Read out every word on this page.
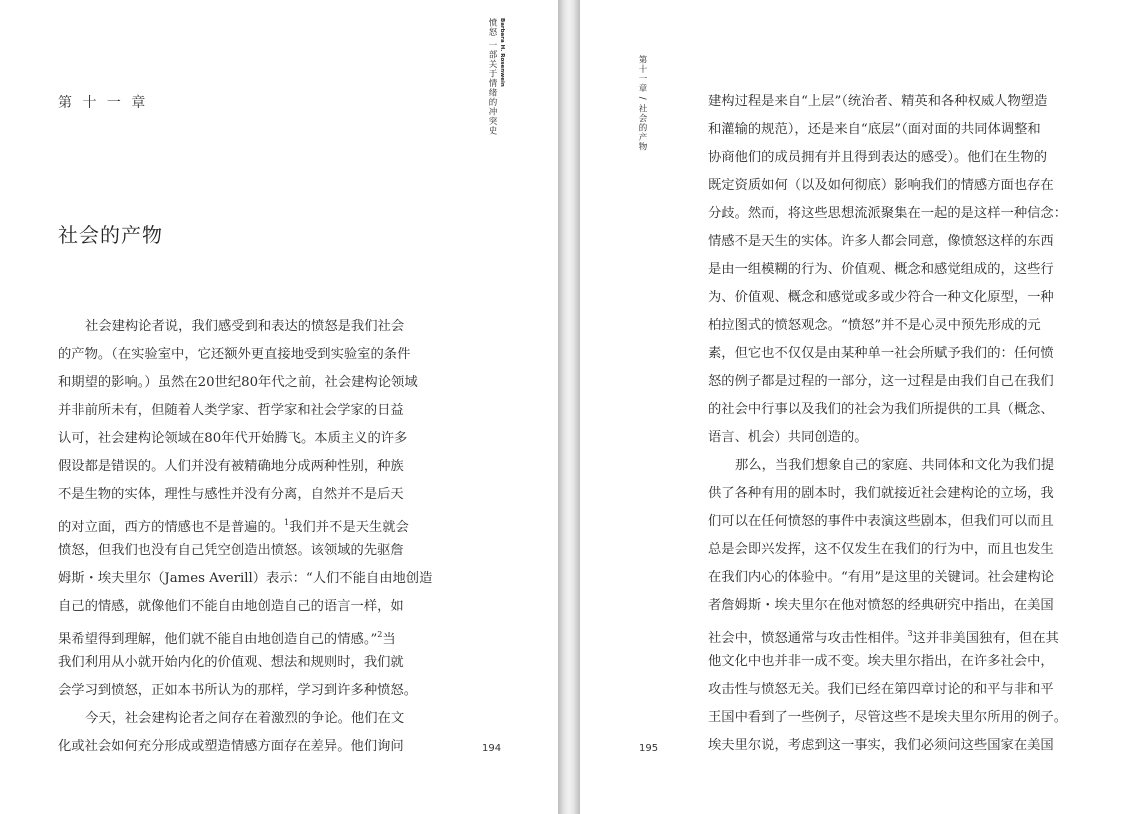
Barbara H. Rosenwein
第 十 一 章
社会的产物
社会建构论者说，我们感受到和表达的愤怒是我们社会
的产物。（在实验室中，它还额外更直接地受到实验室的条件
和期望的影响。）虽然在20世纪80年代之前，社会建构论领域
并非前所未有，但随着人类学家、哲学家和社会学家的日益
认可，社会建构论领域在80年代开始腾飞。本质主义的许多
假设都是错误的。人们并没有被精确地分成两种性别，种族
不是生物的实体，理性与感性并没有分离，自然并不是后天
的对立面，西方的情感也不是普遍的。$^1$我们并不是天生就会
愤怒，但我们也没有自己凭空创造出愤怒。该领域的先驱詹
姆斯・埃夫里尔（James Averill）表示：“人们不能自由地创造
自己的情感，就像他们不能自由地创造自己的语言一样，如
果希望得到理解，他们就不能自由地创造自己的情感。”$^2$当
我们利用从小就开始内化的价值观、想法和规则时，我们就
会学习到愤怒，正如本书所认为的那样，学习到许多种愤怒。
今天，社会建构论者之间存在着激烈的争论。他们在文
化或社会如何充分形成或塑造情感方面存在差异。他们询问	194
愤怒 一部关于情绪的冲突史
195
第十一章 / 社会的产物	建构过程是来自“上层”（统治者、精英和各种权威人物塑造
和灌输的规范），还是来自“底层”（面对面的共同体调整和
协商他们的成员拥有并且得到表达的感受）。他们在生物的
既定资质如何（以及如何彻底）影响我们的情感方面也存在
分歧。然而，将这些思想流派聚集在一起的是这样一种信念：
情感不是天生的实体。许多人都会同意，像愤怒这样的东西
是由一组模糊的行为、价值观、概念和感觉组成的，这些行
为、价值观、概念和感觉或多或少符合一种文化原型，一种
柏拉图式的愤怒观念。“愤怒”并不是心灵中预先形成的元
素，但它也不仅仅是由某种单一社会所赋予我们的：任何愤
怒的例子都是过程的一部分，这一过程是由我们自己在我们
的社会中行事以及我们的社会为我们所提供的工具（概念、
语言、机会）共同创造的。
那么，当我们想象自己的家庭、共同体和文化为我们提
供了各种有用的剧本时，我们就接近社会建构论的立场，我
们可以在任何愤怒的事件中表演这些剧本，但我们可以而且
总是会即兴发挥，这不仅发生在我们的行为中，而且也发生
在我们内心的体验中。“有用”是这里的关键词。社会建构论
者詹姆斯・埃夫里尔在他对愤怒的经典研究中指出，在美国
社会中，愤怒通常与攻击性相伴。$^3$这并非美国独有，但在其
他文化中也并非一成不变。埃夫里尔指出，在许多社会中，
攻击性与愤怒无关。我们已经在第四章讨论的和平与非和平
王国中看到了一些例子，尽管这些不是埃夫里尔所用的例子。
埃夫里尔说，考虑到这一事实，我们必须问这些国家在美国
